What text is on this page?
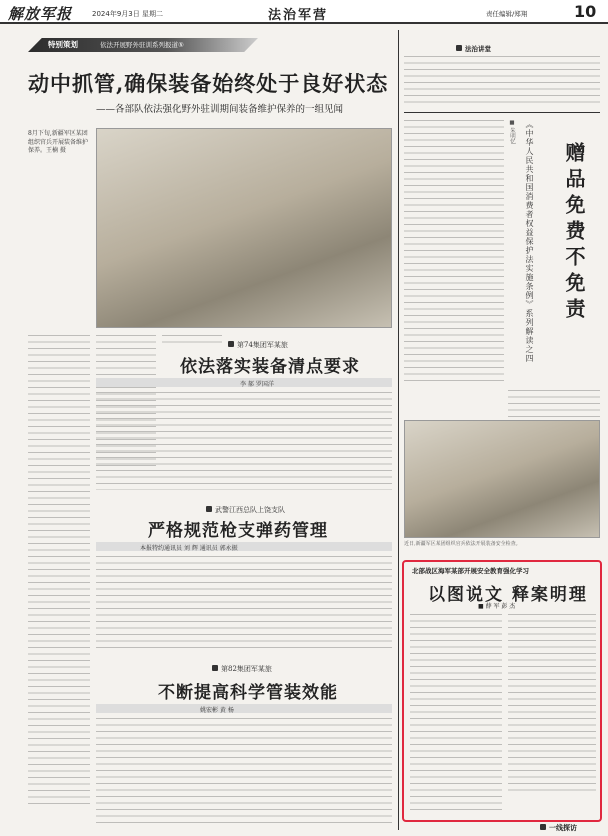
解放军报	2024年9月3日 星期二	法治军营	责任编辑/郑翔	10
特别策划	依法开展野外驻训系列报道⑤
动中抓管,确保装备始终处于良好状态
——各部队依法强化野外驻训期间装备维护保养的一组见闻
8月下旬,新疆军区某团组织官兵开展装备维护保养。王楠 摄
第74集团军某旅
依法落实装备清点要求
李 郝 罗国洋
武警江西总队上饶支队
严格规范枪支弹药管理
本报特约通讯员 刘 辉 通讯员 郭永振
第82集团军某旅
不断提高科学管装效能
姚宏彬 黄 杨
法治讲堂
■ 朱明忆 《中华人民共和国消费者权益保护法实施条例》系列解读之四 赠品免费不免责
近日,新疆军区某团组织官兵依法开展装备安全检查。
北部战区海军某部开展安全教育强化学习
以图说文 释案明理
■ 薛 军 彭 杰
一线探访
